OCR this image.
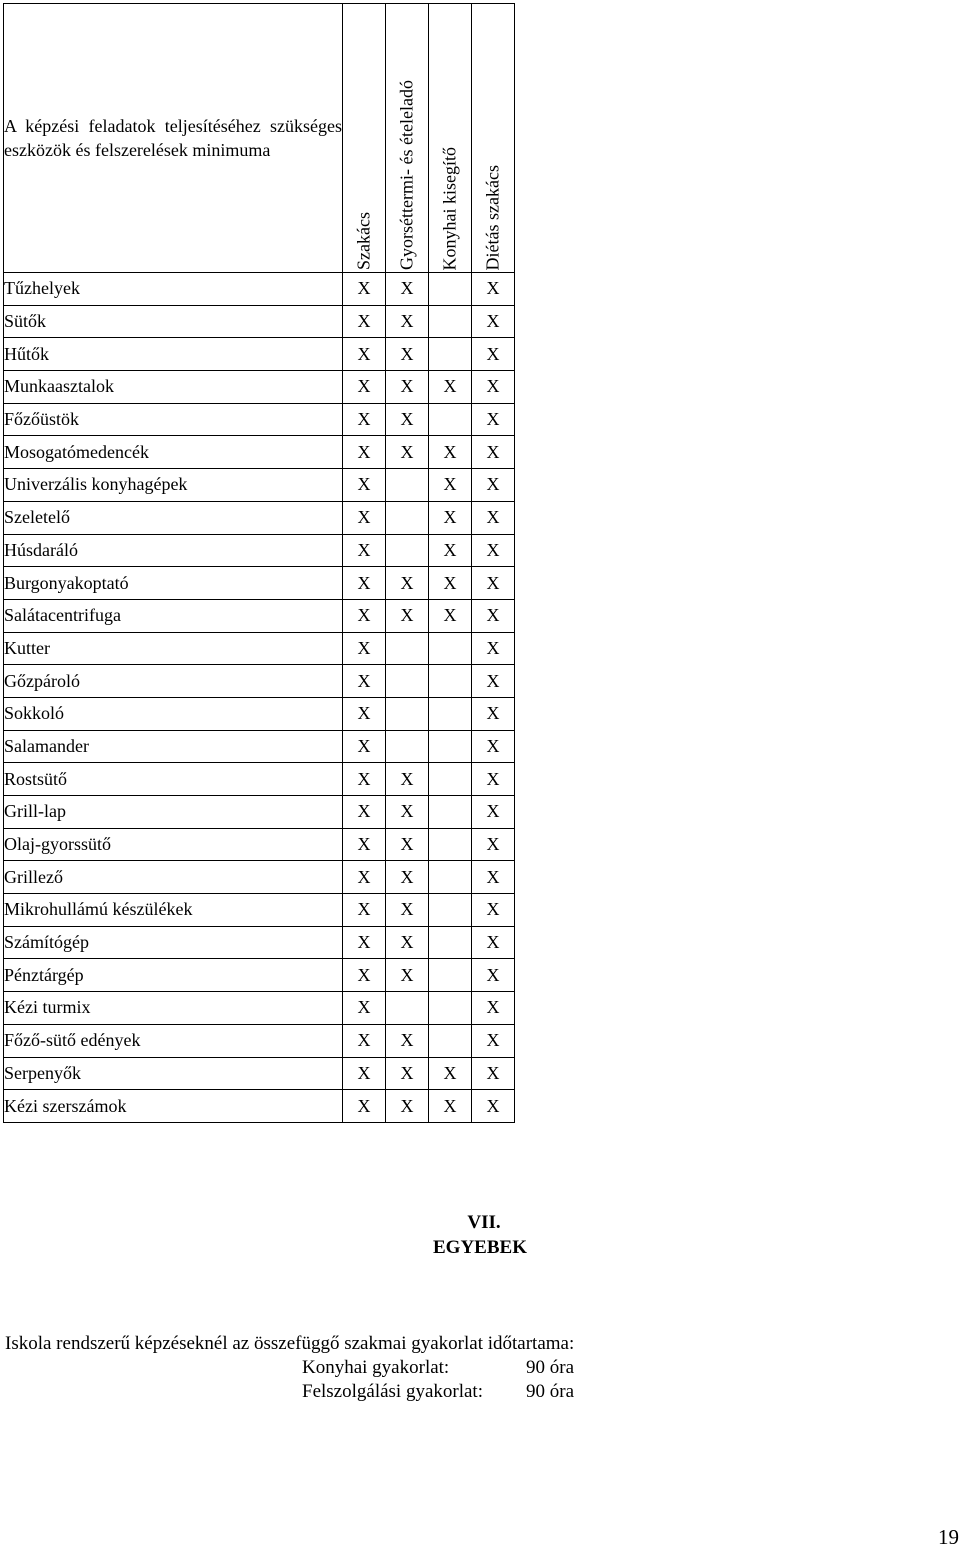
A képzési feladatok teljesítéséhez szükséges eszközök és felszerelések minimuma	Szakács	Gyorséttermi- és ételeladó	Konyhai kisegítő	Diétás szakács

Tűzhelyek	X	X		X
Sütők	X	X		X
Hűtők	X	X		X
Munkaasztalok	X	X	X	X
Főzőüstök	X	X		X
Mosogatómedencék	X	X	X	X
Univerzális konyhagépek	X		X	X
Szeletelő	X		X	X
Húsdaráló	X		X	X
Burgonyakoptató	X	X	X	X
Salátacentrifuga	X	X	X	X
Kutter	X			X
Gőzpároló	X			X
Sokkoló	X			X
Salamander	X			X
Rostsütő	X	X		X
Grill-lap	X	X		X
Olaj-gyorssütő	X	X		X
Grillező	X	X		X
Mikrohullámú készülékek	X	X		X
Számítógép	X	X		X
Pénztárgép	X	X		X
Kézi turmix	X			X
Főző-sütő edények	X	X		X
Serpenyők	X	X	X	X
Kézi szerszámok	X	X	X	X
VII.
EGYEBEK
Iskola rendszerű képzéseknél az összefüggő szakmai gyakorlat időtartama:
Konyhai gyakorlat:	90 óra
Felszolgálási gyakorlat: 90 óra
19
